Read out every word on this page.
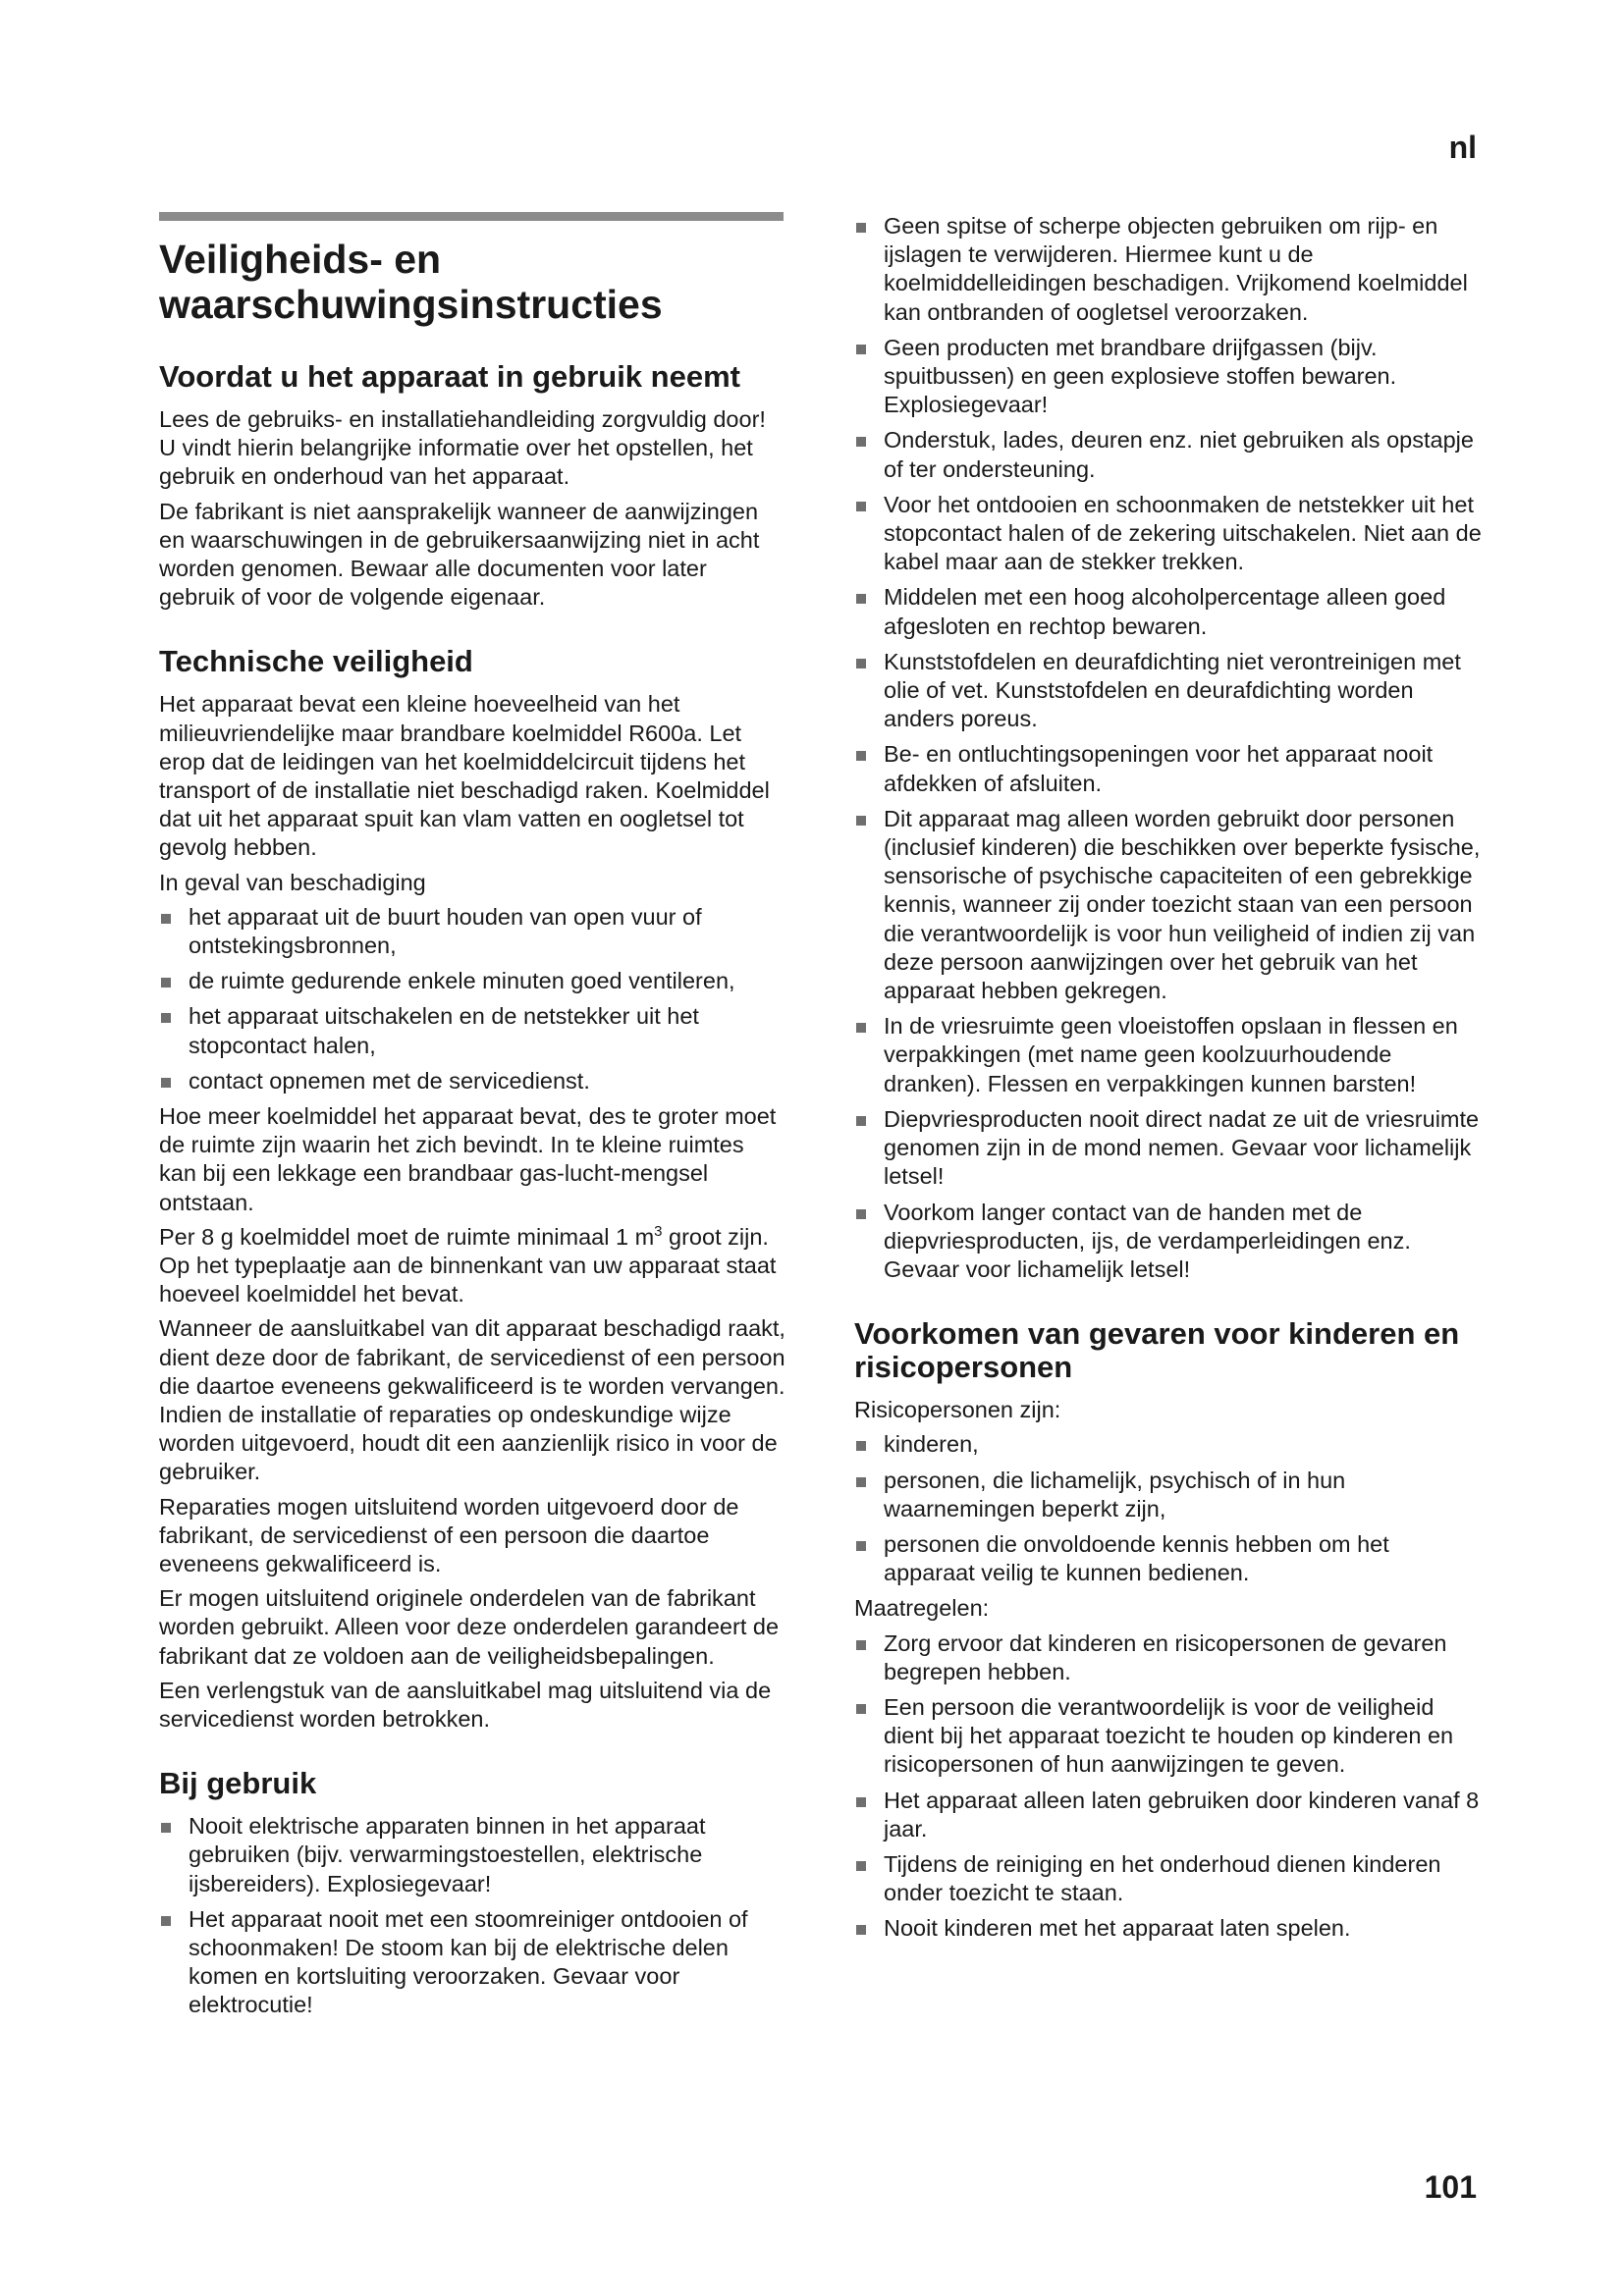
nl
Veiligheids- en waarschuwingsinstructies
Voordat u het apparaat in gebruik neemt

Lees de gebruiks- en installatiehandleiding zorgvuldig door! U vindt hierin belangrijke informatie over het opstellen, het gebruik en onderhoud van het apparaat.

De fabrikant is niet aansprakelijk wanneer de aanwijzingen en waarschuwingen in de gebruikersaanwijzing niet in acht worden genomen. Bewaar alle documenten voor later gebruik of voor de volgende eigenaar.

Technische veiligheid

Het apparaat bevat een kleine hoeveelheid van het milieuvriendelijke maar brandbare koelmiddel R600a. Let erop dat de leidingen van het koelmiddelcircuit tijdens het transport of de installatie niet beschadigd raken. Koelmiddel dat uit het apparaat spuit kan vlam vatten en oogletsel tot gevolg hebben.

In geval van beschadiging

het apparaat uit de buurt houden van open vuur of ontstekingsbronnen,
de ruimte gedurende enkele minuten goed ventileren,
het apparaat uitschakelen en de netstekker uit het stopcontact halen,
contact opnemen met de servicedienst.

Hoe meer koelmiddel het apparaat bevat, des te groter moet de ruimte zijn waarin het zich bevindt. In te kleine ruimtes kan bij een lekkage een brandbaar gas-lucht-mengsel ontstaan.
Per 8 g koelmiddel moet de ruimte minimaal 1 $m^3$ groot zijn. Op het typeplaatje aan de binnenkant van uw apparaat staat hoeveel koelmiddel het bevat.

Wanneer de aansluitkabel van dit apparaat beschadigd raakt, dient deze door de fabrikant, de servicedienst of een persoon die daartoe eveneens gekwalificeerd is te worden vervangen. Indien de installatie of reparaties op ondeskundige wijze worden uitgevoerd, houdt dit een aanzienlijk risico in voor de gebruiker.

Reparaties mogen uitsluitend worden uitgevoerd door de fabrikant, de servicedienst of een persoon die daartoe eveneens gekwalificeerd is.

Er mogen uitsluitend originele onderdelen van de fabrikant worden gebruikt. Alleen voor deze onderdelen garandeert de fabrikant dat ze voldoen aan de veiligheidsbepalingen.

Een verlengstuk van de aansluitkabel mag uitsluitend via de servicedienst worden betrokken.

Bij gebruik
Nooit elektrische apparaten binnen in het apparaat gebruiken (bijv. verwarmingstoestellen, elektrische ijsbereiders). Explosiegevaar!
Het apparaat nooit met een stoomreiniger ontdooien of schoonmaken! De stoom kan bij de elektrische delen komen en kortsluiting veroorzaken. Gevaar voor elektrocutie!
Geen spitse of scherpe objecten gebruiken om rijp- en ijslagen te verwijderen. Hiermee kunt u de koelmiddelleidingen beschadigen. Vrijkomend koelmiddel kan ontbranden of oogletsel veroorzaken.
Geen producten met brandbare drijfgassen (bijv. spuitbussen) en geen explosieve stoffen bewaren. Explosiegevaar!
Onderstuk, lades, deuren enz. niet gebruiken als opstapje of ter ondersteuning.
Voor het ontdooien en schoonmaken de netstekker uit het stopcontact halen of de zekering uitschakelen. Niet aan de kabel maar aan de stekker trekken.
Middelen met een hoog alcoholpercentage alleen goed afgesloten en rechtop bewaren.
Kunststofdelen en deurafdichting niet verontreinigen met olie of vet. Kunststofdelen en deurafdichting worden anders poreus.
Be- en ontluchtingsopeningen voor het apparaat nooit afdekken of afsluiten.
Dit apparaat mag alleen worden gebruikt door personen (inclusief kinderen) die beschikken over beperkte fysische, sensorische of psychische capaciteiten of een gebrekkige kennis, wanneer zij onder toezicht staan van een persoon die verantwoordelijk is voor hun veiligheid of indien zij van deze persoon aanwijzingen over het gebruik van het apparaat hebben gekregen.
In de vriesruimte geen vloeistoffen opslaan in flessen en verpakkingen (met name geen koolzuurhoudende dranken). Flessen en verpakkingen kunnen barsten!
Diepvriesproducten nooit direct nadat ze uit de vriesruimte genomen zijn in de mond nemen. Gevaar voor lichamelijk letsel!
Voorkom langer contact van de handen met de diepvriesproducten, ijs, de verdamperleidingen enz. Gevaar voor lichamelijk letsel!
Voorkomen van gevaren voor kinderen en risicopersonen

Risicopersonen zijn:

kinderen,
personen, die lichamelijk, psychisch of in hun waarnemingen beperkt zijn,
personen die onvoldoende kennis hebben om het apparaat veilig te kunnen bedienen.

Maatregelen:

Zorg ervoor dat kinderen en risicopersonen de gevaren begrepen hebben.
Een persoon die verantwoordelijk is voor de veiligheid dient bij het apparaat toezicht te houden op kinderen en risicopersonen of hun aanwijzingen te geven.
Het apparaat alleen laten gebruiken door kinderen vanaf 8 jaar.
Tijdens de reiniging en het onderhoud dienen kinderen onder toezicht te staan.
Nooit kinderen met het apparaat laten spelen.
101
